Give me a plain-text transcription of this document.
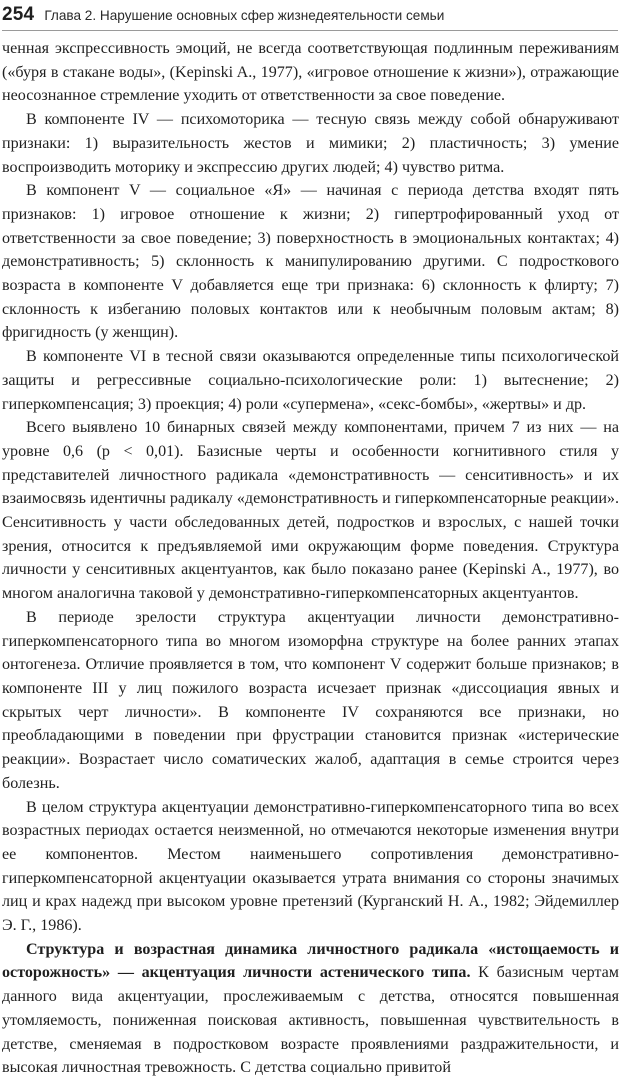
254 Глава 2. Нарушение основных сфер жизнедеятельности семьи

ченная экспрессивность эмоций, не всегда соответствующая подлинным переживаниям («буря в стакане воды», (Kepinski A., 1977), «игровое отношение к жизни»), отражающие неосознанное стремление уходить от ответственности за свое поведение.

В компоненте IV — психомоторика — тесную связь между собой обнаруживают признаки: 1) выразительность жестов и мимики; 2) пластичность; 3) умение воспроизводить моторику и экспрессию других людей; 4) чувство ритма.

В компонент V — социальное «Я» — начиная с периода детства входят пять признаков: 1) игровое отношение к жизни; 2) гипертрофированный уход от ответственности за свое поведение; 3) поверхностность в эмоциональных контактах; 4) демонстративность; 5) склонность к манипулированию другими. С подросткового возраста в компоненте V добавляется еще три признака: 6) склонность к флирту; 7) склонность к избеганию половых контактов или к необычным половым актам; 8) фригидность (у женщин).

В компоненте VI в тесной связи оказываются определенные типы психологической защиты и регрессивные социально-психологические роли: 1) вытеснение; 2) гиперкомпенсация; 3) проекция; 4) роли «супермена», «секс-бомбы», «жертвы» и др.

Всего выявлено 10 бинарных связей между компонентами, причем 7 из них — на уровне 0,6 (р < 0,01). Базисные черты и особенности когнитивного стиля у представителей личностного радикала «демонстративность — сенситивность» и их взаимосвязь идентичны радикалу «демонстративность и гиперкомпенсаторные реакции». Сенситивность у части обследованных детей, подростков и взрослых, с нашей точки зрения, относится к предъявляемой ими окружающим форме поведения. Структура личности у сенситивных акцентуантов, как было показано ранее (Kepinski A., 1977), во многом аналогична таковой у демонстративно-гиперкомпенсаторных акцентуантов.

В периоде зрелости структура акцентуации личности демонстративно-гиперкомпенсаторного типа во многом изоморфна структуре на более ранних этапах онтогенеза. Отличие проявляется в том, что компонент V содержит больше признаков; в компоненте III у лиц пожилого возраста исчезает признак «диссоциация явных и скрытых черт личности». В компоненте IV сохраняются все признаки, но преобладающими в поведении при фрустрации становится признак «истерические реакции». Возрастает число соматических жалоб, адаптация в семье строится через болезнь.

В целом структура акцентуации демонстративно-гиперкомпенсаторного типа во всех возрастных периодах остается неизменной, но отмечаются некоторые изменения внутри ее компонентов. Местом наименьшего сопротивления демонстративно-гиперкомпенсаторной акцентуации оказывается утрата внимания со стороны значимых лиц и крах надежд при высоком уровне претензий (Курганский Н. А., 1982; Эйдемиллер Э. Г., 1986).

Структура и возрастная динамика личностного радикала «истощаемость и осторожность» — акцентуация личности астенического типа. К базисным чертам данного вида акцентуации, прослеживаемым с детства, относятся повышенная утомляемость, пониженная поисковая активность, повышенная чувствительность в детстве, сменяемая в подростковом возрасте проявлениями раздражительности, и высокая личностная тревожность. С детства социально привитой
